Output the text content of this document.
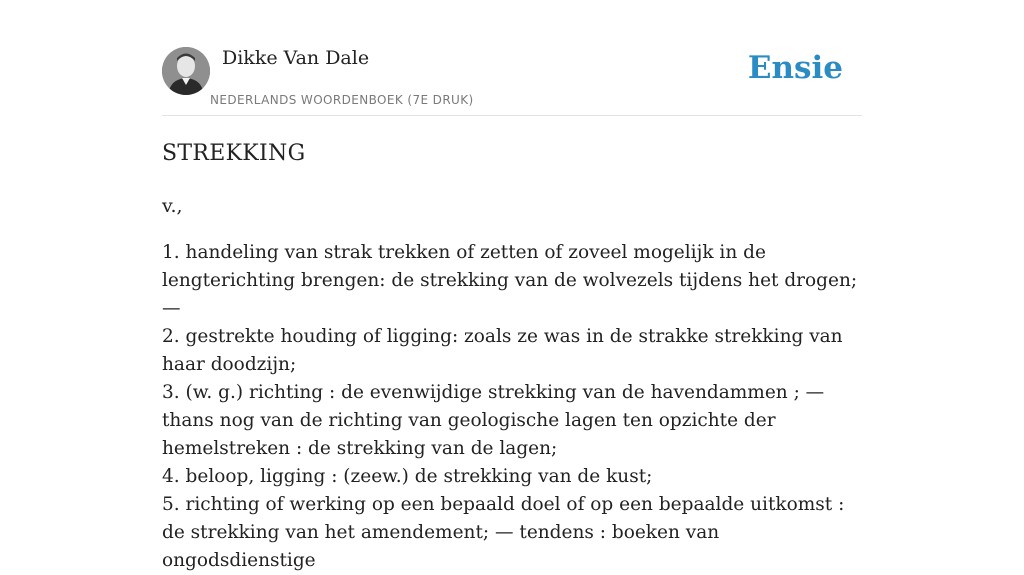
Dikke Van Dale
NEDERLANDS WOORDENBOEK (7E DRUK)
Ensie
STREKKING
v.,
1. handeling van strak trekken of zetten of zoveel mogelijk in de lengterichting brengen: de strekking van de wolvezels tijdens het drogen; —
2. gestrekte houding of ligging: zoals ze was in de strakke strekking van haar doodzijn;
3. (w. g.) richting : de evenwijdige strekking van de havendammen ; — thans nog van de richting van geologische lagen ten opzichte der hemelstreken : de strekking van de lagen;
4. beloop, ligging : (zeew.) de strekking van de kust;
5. richting of werking op een bepaald doel of op een bepaalde uitkomst : de strekking van het amendement; — tendens : boeken van ongodsdienstige
